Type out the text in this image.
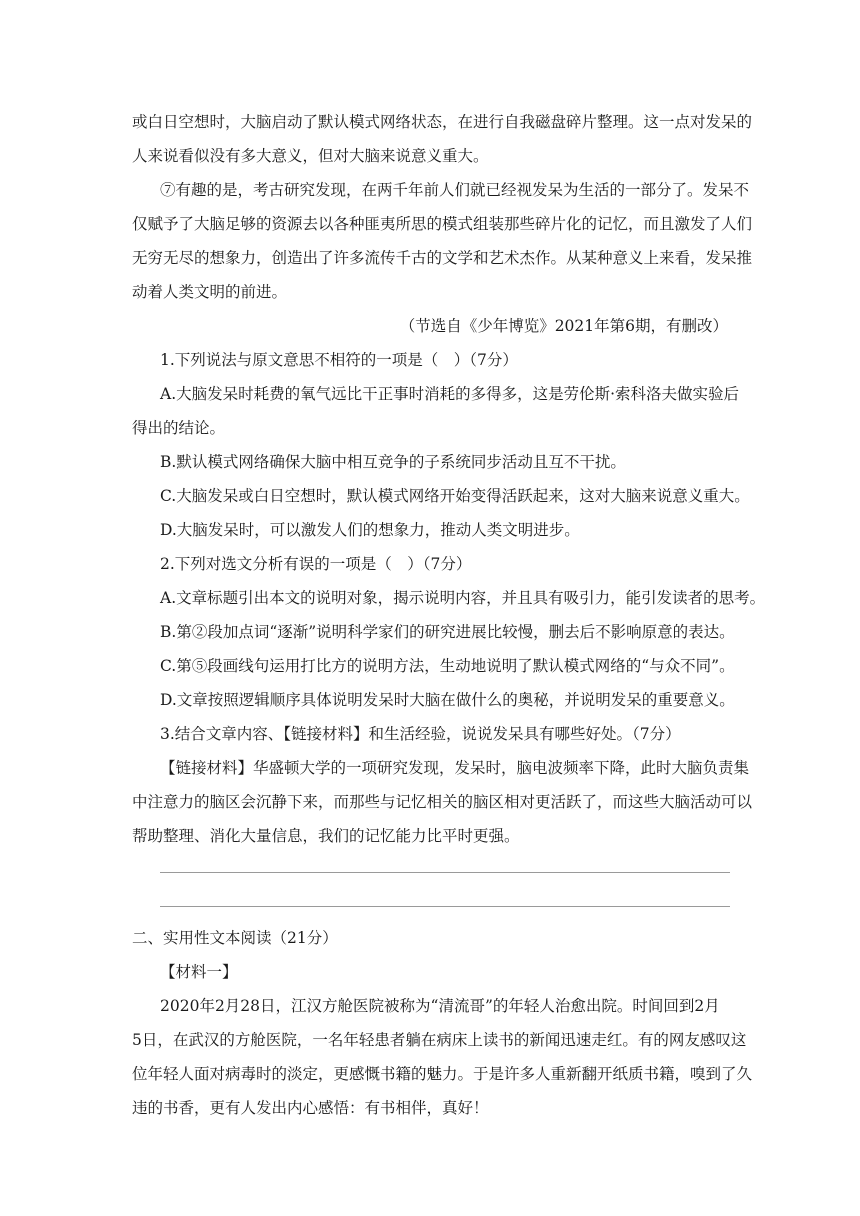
或白日空想时，大脑启动了默认模式网络状态，在进行自我磁盘碎片整理。这一点对发呆的
人来说看似没有多大意义，但对大脑来说意义重大。
⑦有趣的是，考古研究发现，在两千年前人们就已经视发呆为生活的一部分了。发呆不
仅赋予了大脑足够的资源去以各种匪夷所思的模式组装那些碎片化的记忆，而且激发了人们
无穷无尽的想象力，创造出了许多流传千古的文学和艺术杰作。从某种意义上来看，发呆推
动着人类文明的前进。
（节选自《少年博览》2021年第6期，有删改）
1.下列说法与原文意思不相符的一项是（　）（7分）
A.大脑发呆时耗费的氧气远比干正事时消耗的多得多，这是劳伦斯·索科洛夫做实验后
得出的结论。
B.默认模式网络确保大脑中相互竞争的子系统同步活动且互不干扰。
C.大脑发呆或白日空想时，默认模式网络开始变得活跃起来，这对大脑来说意义重大。
D.大脑发呆时，可以激发人们的想象力，推动人类文明进步。
2.下列对选文分析有误的一项是（　）（7分）
A.文章标题引出本文的说明对象，揭示说明内容，并且具有吸引力，能引发读者的思考。
B.第②段加点词“逐渐”说明科学家们的研究进展比较慢，删去后不影响原意的表达。
C.第⑤段画线句运用打比方的说明方法，生动地说明了默认模式网络的“与众不同”。
D.文章按照逻辑顺序具体说明发呆时大脑在做什么的奥秘，并说明发呆的重要意义。
3.结合文章内容、【链接材料】和生活经验，说说发呆具有哪些好处。（7分）
【链接材料】华盛顿大学的一项研究发现，发呆时，脑电波频率下降，此时大脑负责集
中注意力的脑区会沉静下来，而那些与记忆相关的脑区相对更活跃了，而这些大脑活动可以
帮助整理、消化大量信息，我们的记忆能力比平时更强。
二、实用性文本阅读（21分）
【材料一】
2020年2月28日，江汉方舱医院被称为“清流哥”的年轻人治愈出院。时间回到2月
5日，在武汉的方舱医院，一名年轻患者躺在病床上读书的新闻迅速走红。有的网友感叹这
位年轻人面对病毒时的淡定，更感慨书籍的魅力。于是许多人重新翻开纸质书籍，嗅到了久
违的书香，更有人发出内心感悟：有书相伴，真好！
